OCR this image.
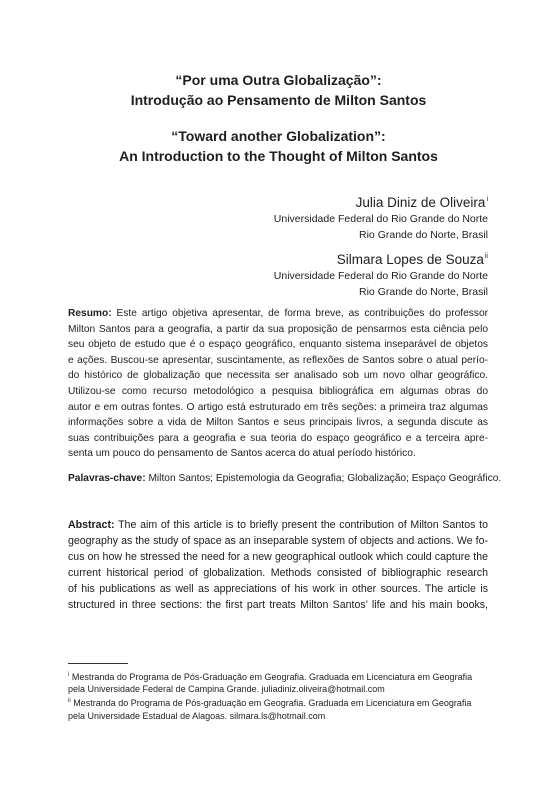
“Por uma Outra Globalização”:
Introdução ao Pensamento de Milton Santos
“Toward another Globalization”:
An Introduction to the Thought of Milton Santos
Julia Diniz de Oliveira$^i$
Universidade Federal do Rio Grande do Norte
Rio Grande do Norte, Brasil
Silmara Lopes de Souza$^{ii}$
Universidade Federal do Rio Grande do Norte
Rio Grande do Norte, Brasil
Resumo: Este artigo objetiva apresentar, de forma breve, as contribuições do professor
Milton Santos para a geografia, a partir da sua proposição de pensarmos esta ciência pelo
seu objeto de estudo que é o espaço geográfico, enquanto sistema inseparável de objetos
e ações. Buscou-se apresentar, suscintamente, as reflexões de Santos sobre o atual perío-
do histórico de globalização que necessita ser analisado sob um novo olhar geográfico.
Utilizou-se como recurso metodológico a pesquisa bibliográfica em algumas obras do
autor e em outras fontes. O artigo está estruturado em três seções: a primeira traz algumas
informações sobre a vida de Milton Santos e seus principais livros, a segunda discute as
suas contribuições para a geografia e sua teoria do espaço geográfico e a terceira apre-
senta um pouco do pensamento de Santos acerca do atual período histórico.
Palavras-chave: Milton Santos; Epistemologia da Geografia; Globalização; Espaço Geográfico.
Abstract: The aim of this article is to briefly present the contribution of Milton Santos to
geography as the study of space as an inseparable system of objects and actions. We fo-
cus on how he stressed the need for a new geographical outlook which could capture the
current historical period of globalization. Methods consisted of bibliographic research
of his publications as well as appreciations of his work in other sources. The article is
structured in three sections: the first part treats Milton Santos’ life and his main books,
$^i$ Mestranda do Programa de Pós-Graduação em Geografia. Graduada em Licenciatura em Geografia
pela Universidade Federal de Campina Grande. juliadiniz.oliveira@hotmail.com
$^{ii}$ Mestranda do Programa de Pós-graduação em Geografia. Graduada em Licenciatura em Geografia
pela Universidade Estadual de Alagoas. silmara.ls@hotmail.com
